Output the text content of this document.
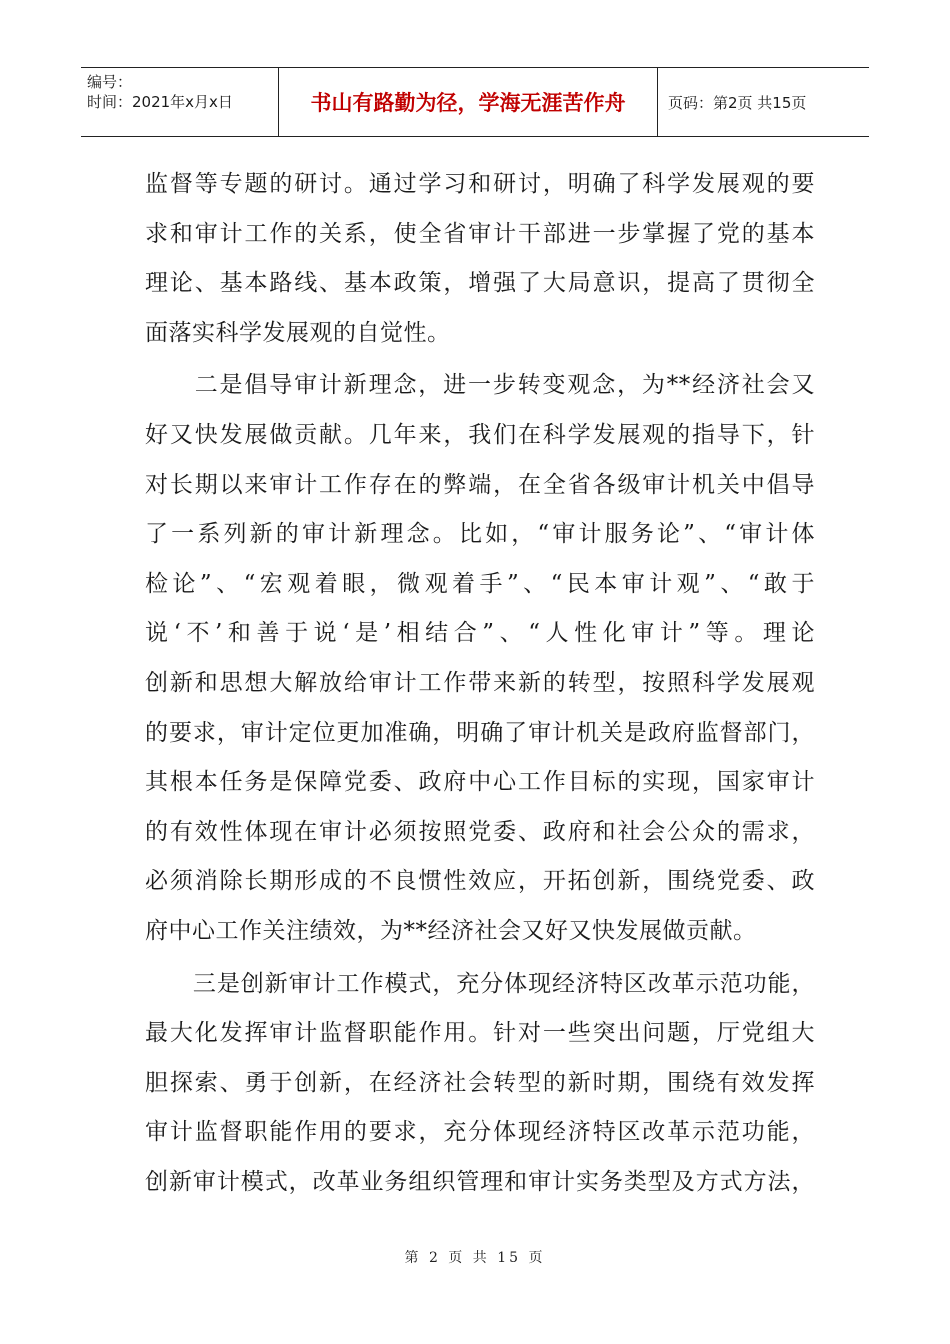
编号：
时间：2021年x月x日	书山有路勤为径，学海无涯苦作舟	页码：第2页 共15页
监督等专题的研讨。通过学习和研讨，明确了科学发展观的要
求和审计工作的关系，使全省审计干部进一步掌握了党的基本
理论、基本路线、基本政策，增强了大局意识，提高了贯彻全
面落实科学发展观的自觉性。
　　二是倡导审计新理念，进一步转变观念，为**经济社会又
好又快发展做贡献。几年来，我们在科学发展观的指导下，针
对长期以来审计工作存在的弊端，在全省各级审计机关中倡导
了一系列新的审计新理念。比如，“审计服务论”、“审计体
检论”、“宏观着眼，微观着手”、“民本审计观”、“敢于
说‘不’和善于说‘是’相结合”、“人性化审计”等。理论
创新和思想大解放给审计工作带来新的转型，按照科学发展观
的要求，审计定位更加准确，明确了审计机关是政府监督部门，
其根本任务是保障党委、政府中心工作目标的实现，国家审计
的有效性体现在审计必须按照党委、政府和社会公众的需求，
必须消除长期形成的不良惯性效应，开拓创新，围绕党委、政
府中心工作关注绩效，为**经济社会又好又快发展做贡献。
　　三是创新审计工作模式，充分体现经济特区改革示范功能，
最大化发挥审计监督职能作用。针对一些突出问题，厅党组大
胆探索、勇于创新，在经济社会转型的新时期，围绕有效发挥
审计监督职能作用的要求，充分体现经济特区改革示范功能，
创新审计模式，改革业务组织管理和审计实务类型及方式方法，
第 2 页 共 15 页
